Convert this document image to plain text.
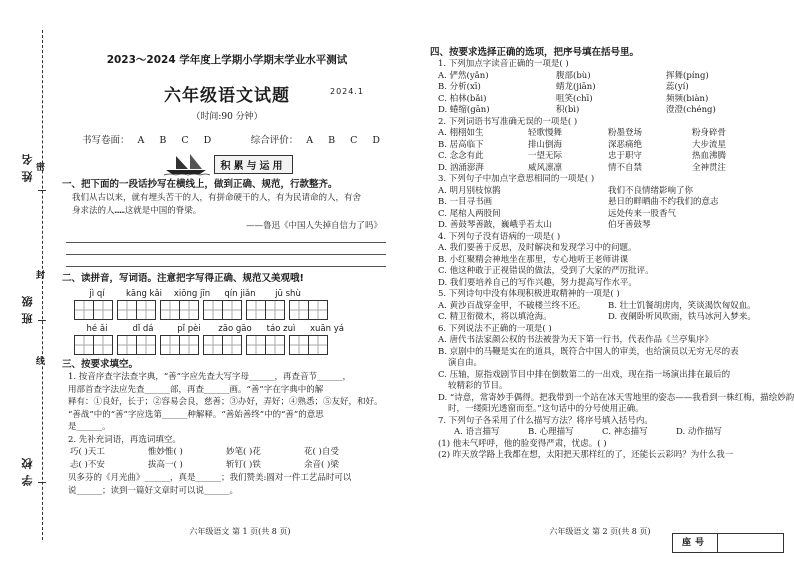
姓名
班级
学校
密
封
线
2023～2024 学年度上学期小学期末学业水平测试
六年级语文试题	2024.1
（时间:90 分钟）
书写卷面： A B C D	综合评价： A B C D
积累与运用
一、把下面的一段话抄写在横线上，做到正确、规范，行款整齐。
我们从古以来，就有埋头苦干的人，有拼命硬干的人，有为民请命的人，有舍
身求法的人……这就是中国的脊梁。
——鲁迅《中国人失掉自信力了吗》
二、读拼音，写词语。注意把字写得正确、规范又美观哦!
jì qí	kāng kǎi	xiōng jīn	qín jiǎn	jū shù
hé ǎi	dǐ dá	pǐ pèi	zāo gāo	táo zuì	xuān yá
三、按要求填空。
1. 按音序查字法查字典，“善”字应先查大写字母______，再查音节______，
用部首查字法应先查______部，再查______画。“善”字在字典中的解
释有：①良好，长于；②容易会良，慈善；③办好，弄好；④熟悉；⑤友好，和好。
“善战”中的“善”字应选第______种解释。“善始善终”中的“善”的意思
是______。
2. 先补充词语，再选词填空。
巧( )天工	惟妙惟( )	妙笔( )花	花( )自受
忐( )不安	拔高一( )	斩钉( )铁	余音( )梁
贝多芬的《月光曲》______，真是______；我们赞美:圆对一件工艺品时可以
说______；读到一篇好文章时可以说______。
六年级语文 第 1 页(共 8 页)
四、按要求选择正确的选项，把序号填在括号里。
1. 下列加点字读音正确的一项是( )
A. 俨然(yǎn)	腹部(bù)	挥舞(píng)
B. 分析(xī)	蜻龙(jiān)	蕊(yí)
C. 柏林(bǎi)	咀笑(chī)	频频(biàn)
D. 蜷缩(gān)	积(bì)	澄澄(chéng)
2. 下列词语书写准确无误的一项是( )
A. 栩栩如生	轻歌慢舞	粉墨登场	粉身碎骨
B. 居高临下	排山倒海	深恶痛绝	大步流星
C. 念念有此	一望无际	忠于职守	热血沸腾
D. 汹涌澎湃	威风凛凛	情不自禁	全神贯注
3. 下列句子中加点字意思相同的一项是( )
A. 明月别枝惊鹊	我们不良情绪影响了你
B. 一目寻书画	悬日的畔晒曲不约我们的意志
C. 尾棺人两股间	远处传来一股香气
D. 善鼓琴善跛，巍峨乎若太山	伯牙善鼓琴
4. 下列句子没有语病的一项是( )
A. 我们要善于反思，及时解决和发现学习中的问题。
B. 小红聚精会神地坐在那里，专心地听王老师讲课
C. 他这种敢于正视错误的做法，受到了大家的严厉批评。
D. 我们要培养自己的写作兴趣，努力提高写作水平。
5. 下列诗句中没有体现积极进取精神的一项是( )
A. 黄沙百战穿金甲，不破楼兰终不还。	B. 壮士饥餐胡虏肉，笑谈渴饮匈奴血。
C. 精卫衔微木，将以填沧海。	D. 夜阑卧听风吹雨，铁马冰河入梦来。
6. 下列说法不正确的一项是( )
A. 唐代书法家颜公权的书法被誉为天下第一行书，代表作品《兰亭集序》
B. 京剧中的马鞭是实在的道具，既符合中国人的审美，也给演员以无穷无尽的表
演自由。
C. 压轴，原指戏剧节目中排在倒数第二的一出戏，现在指一场演出排在最后的
较精彩的节目。
D. “诗意，常寄妙手偶得。把我带到一个站在冰天雪地里的姿态——我看到一株红梅，描绘妙韵
时，一缕阳光透窗而至。”这句话中的分号使用正确。
7. 下列句子各采用了什么描写方法？将序号填入括号内。
A. 语言描写	B. 心理描写	C. 神态描写	D. 动作描写
(1) 他未气呼呼，他的脸变得严肃，忧虑。( )
(2) 昨天放学路上我都在想，太阳把天那样红的了，还能长云彩吗？为什么我一
六年级语文 第 2 页(共 8 页)
座号
